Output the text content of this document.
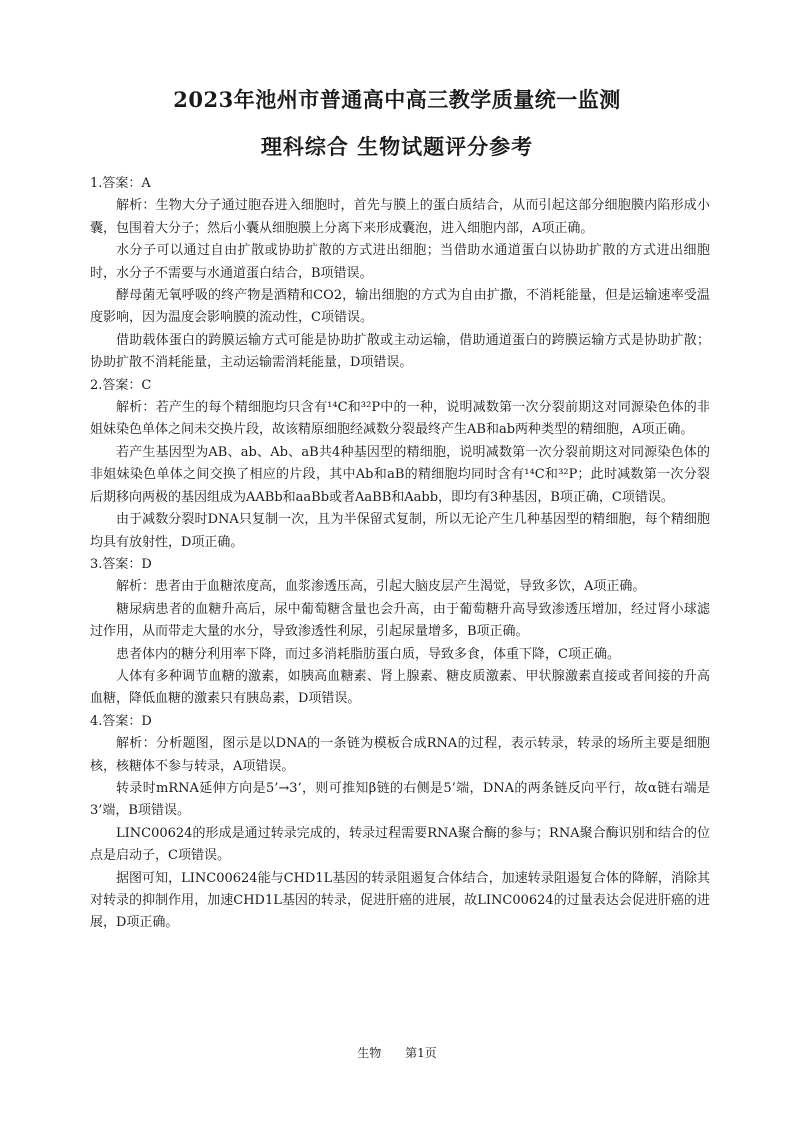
2023年池州市普通高中高三教学质量统一监测
理科综合 生物试题评分参考

1.答案：A

解析：生物大分子通过胞吞进入细胞时，首先与膜上的蛋白质结合，从而引起这部分细胞膜内陷形成小囊，包围着大分子；然后小囊从细胞膜上分离下来形成囊泡，进入细胞内部，A项正确。

水分子可以通过自由扩散或协助扩散的方式进出细胞；当借助水通道蛋白以协助扩散的方式进出细胞时，水分子不需要与水通道蛋白结合，B项错误。

酵母菌无氧呼吸的终产物是酒精和CO2，输出细胞的方式为自由扩撒，不消耗能量，但是运输速率受温度影响，因为温度会影响膜的流动性，C项错误。

借助载体蛋白的跨膜运输方式可能是协助扩散或主动运输，借助通道蛋白的跨膜运输方式是协助扩散；协助扩散不消耗能量，主动运输需消耗能量，D项错误。

2.答案：C

解析：若产生的每个精细胞均只含有¹⁴C和³²P中的一种，说明减数第一次分裂前期这对同源染色体的非姐妹染色单体之间未交换片段，故该精原细胞经减数分裂最终产生AB和ab两种类型的精细胞，A项正确。

若产生基因型为AB、ab、Ab、aB共4种基因型的精细胞，说明减数第一次分裂前期这对同源染色体的非姐妹染色单体之间交换了相应的片段，其中Ab和aB的精细胞均同时含有¹⁴C和³²P；此时减数第一次分裂后期移向两极的基因组成为AABb和aaBb或者AaBB和Aabb，即均有3种基因，B项正确，C项错误。

由于减数分裂时DNA只复制一次，且为半保留式复制，所以无论产生几种基因型的精细胞，每个精细胞均具有放射性，D项正确。

3.答案：D

解析：患者由于血糖浓度高，血浆渗透压高，引起大脑皮层产生渴觉，导致多饮，A项正确。

糖尿病患者的血糖升高后，尿中葡萄糖含量也会升高，由于葡萄糖升高导致渗透压增加，经过肾小球滤过作用，从而带走大量的水分，导致渗透性利尿，引起尿量增多，B项正确。

患者体内的糖分利用率下降，而过多消耗脂肪蛋白质，导致多食，体重下降，C项正确。

人体有多种调节血糖的激素，如胰高血糖素、肾上腺素、糖皮质激素、甲状腺激素直接或者间接的升高血糖，降低血糖的激素只有胰岛素，D项错误。

4.答案：D

解析：分析题图，图示是以DNA的一条链为模板合成RNA的过程，表示转录，转录的场所主要是细胞核，核糖体不参与转录，A项错误。

转录时mRNA延伸方向是5’→3’，则可推知β链的右侧是5’端，DNA的两条链反向平行，故α链右端是3’端，B项错误。

LINC00624的形成是通过转录完成的，转录过程需要RNA聚合酶的参与；RNA聚合酶识别和结合的位点是启动子，C项错误。

据图可知，LINC00624能与CHD1L基因的转录阻遏复合体结合，加速转录阻遏复合体的降解，消除其对转录的抑制作用，加速CHD1L基因的转录，促进肝癌的进展，故LINC00624的过量表达会促进肝癌的进展，D项正确。

生物 第1页
